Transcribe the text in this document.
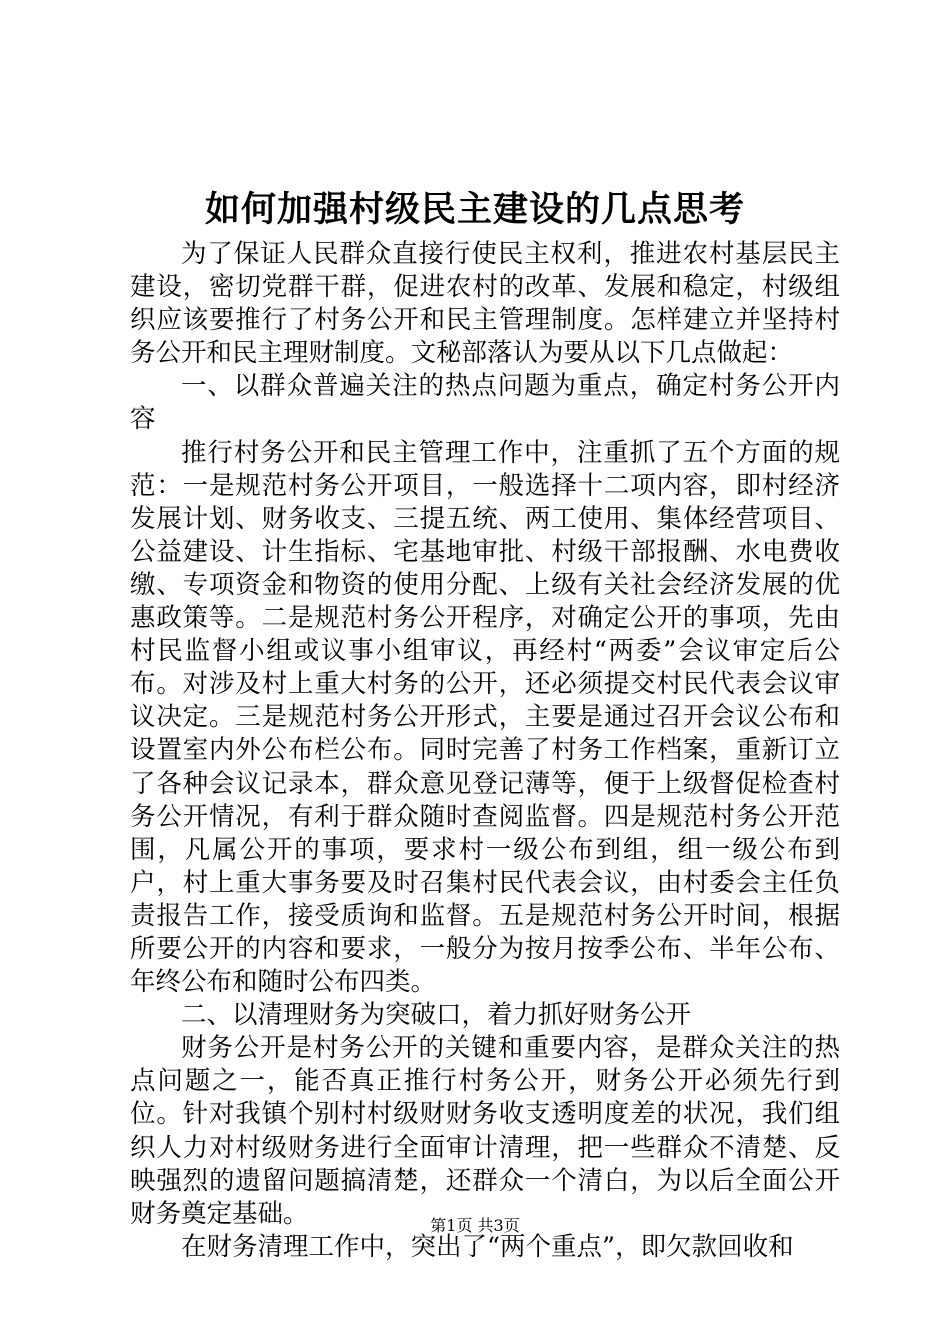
如何加强村级民主建设的几点思考

为了保证人民群众直接行使民主权利，推进农村基层民主建设，密切党群干群，促进农村的改革、发展和稳定，村级组织应该要推行了村务公开和民主管理制度。怎样建立并坚持村务公开和民主理财制度。文秘部落认为要从以下几点做起：

一、以群众普遍关注的热点问题为重点，确定村务公开内容

推行村务公开和民主管理工作中，注重抓了五个方面的规范：一是规范村务公开项目，一般选择十二项内容，即村经济发展计划、财务收支、三提五统、两工使用、集体经营项目、公益建设、计生指标、宅基地审批、村级干部报酬、水电费收缴、专项资金和物资的使用分配、上级有关社会经济发展的优惠政策等。二是规范村务公开程序，对确定公开的事项，先由村民监督小组或议事小组审议，再经村“两委”会议审定后公布。对涉及村上重大村务的公开，还必须提交村民代表会议审议决定。三是规范村务公开形式，主要是通过召开会议公布和设置室内外公布栏公布。同时完善了村务工作档案，重新订立了各种会议记录本，群众意见登记薄等，便于上级督促检查村务公开情况，有利于群众随时查阅监督。四是规范村务公开范围，凡属公开的事项，要求村一级公布到组，组一级公布到户，村上重大事务要及时召集村民代表会议，由村委会主任负责报告工作，接受质询和监督。五是规范村务公开时间，根据所要公开的内容和要求，一般分为按月按季公布、半年公布、年终公布和随时公布四类。

二、以清理财务为突破口，着力抓好财务公开

财务公开是村务公开的关键和重要内容，是群众关注的热点问题之一，能否真正推行村务公开，财务公开必须先行到位。针对我镇个别村村级财财务收支透明度差的状况，我们组织人力对村级财务进行全面审计清理，把一些群众不清楚、反映强烈的遗留问题搞清楚，还群众一个清白，为以后全面公开财务奠定基础。

在财务清理工作中，突出了“两个重点”，即欠款回收和

第1页 共3页
